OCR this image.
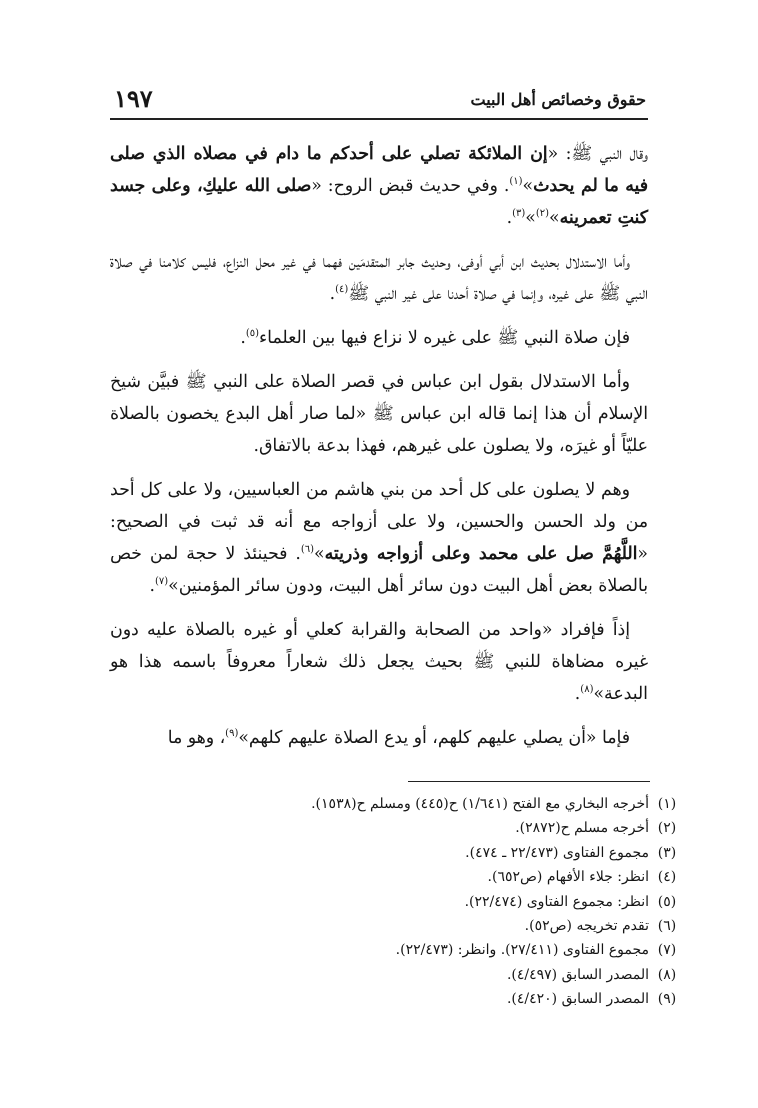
حقوق وخصائص أهل البيت
١٩٧

وقال النبي ﷺ: «إن الملائكة تصلي على أحدكم ما دام في مصلاه الذي صلى فيه ما لم يحدث»$^{(١)}$. وفي حديث قبض الروح: «صلى الله عليكِ، وعلى جسد كنتِ تعمرينه»$^{(٢)}$»$^{(٣)}$.

وأما الاستدلال بحديث ابن أبي أوفى، وحديث جابر المتقدمَين فهما في غير محل النزاع، فليس كلامنا في صلاة النبي ﷺ على غيره، وإنما في صلاة أحدنا على غير النبي ﷺ$^{(٤)}$.

فإن صلاة النبي ﷺ على غيره لا نزاع فيها بين العلماء$^{(٥)}$.

وأما الاستدلال بقول ابن عباس في قصر الصلاة على النبي ﷺ فبيَّن شيخ الإسلام أن هذا إنما قاله ابن عباس ﷺ «لما صار أهل البدع يخصون بالصلاة عليّاً أو غيرَه، ولا يصلون على غيرهم، فهذا بدعة بالاتفاق.

وهم لا يصلون على كل أحد من بني هاشم من العباسيين، ولا على كل أحد من ولد الحسن والحسين، ولا على أزواجه مع أنه قد ثبت في الصحيح: «اللَّهُمَّ صل على محمد وعلى أزواجه وذريته»$^{(٦)}$. فحينئذ لا حجة لمن خص بالصلاة بعض أهل البيت دون سائر أهل البيت، ودون سائر المؤمنين»$^{(٧)}$.

إذاً فإفراد «واحد من الصحابة والقرابة كعلي أو غيره بالصلاة عليه دون غيره مضاهاة للنبي ﷺ بحيث يجعل ذلك شعاراً معروفاً باسمه هذا هو البدعة»$^{(٨)}$.

فإما «أن يصلي عليهم كلهم، أو يدع الصلاة عليهم كلهم»$^{(٩)}$، وهو ما

(١)أخرجه البخاري مع الفتح (١/٦٤١) ح(٤٤٥) ومسلم ح(١٥٣٨).
(٢)أخرجه مسلم ح(٢٨٧٢).
(٣)مجموع الفتاوى (٢٢/٤٧٣ ـ ٤٧٤).
(٤)انظر: جلاء الأفهام (ص٦٥٢).
(٥)انظر: مجموع الفتاوى (٢٢/٤٧٤).
(٦)تقدم تخريجه (ص٥٢).
(٧)مجموع الفتاوى (٢٧/٤١١). وانظر: (٢٢/٤٧٣).
(٨)المصدر السابق (٤/٤٩٧).
(٩)المصدر السابق (٤/٤٢٠).
